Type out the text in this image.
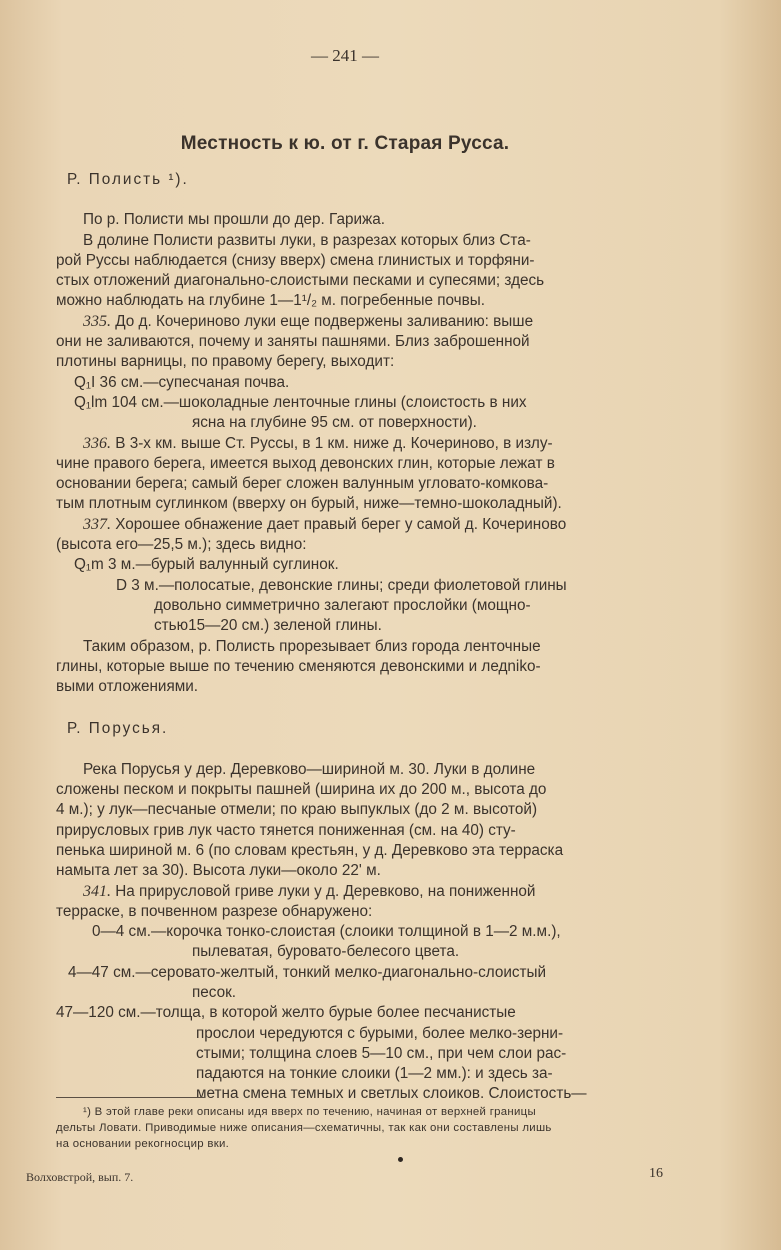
— 241 —
Местность к ю. от г. Старая Русса.

Р. Полисть ¹).

По р. Полисти мы прошли до дер. Гарижа.

В долине Полисти развиты луки, в разрезах которых близ Ста-

рой Руссы наблюдается (снизу вверх) смена глинистых и торфяни-

стых отложений диагонально-слоистыми песками и супесями; здесь

можно наблюдать на глубине 1—1¹/₂ м. погребенные почвы.

335. До д. Кочериново луки еще подвержены заливанию: выше

они не заливаются, почему и заняты пашнями. Близ заброшенной

плотины варницы, по правому берегу, выходит:

Q₁I 36 см.—супесчаная почва.

Q₁lm 104 см.—шоколадные ленточные глины (слоистость в них

ясна на глубине 95 см. от поверхности).

336. В 3-х км. выше Ст. Руссы, в 1 км. ниже д. Кочериново, в излу-

чине правого берега, имеется выход девонских глин, которые лежат в

основании берега; самый берег сложен валунным угловато-комкова-

тым плотным суглинком (вверху он бурый, ниже—темно-шоколадный).

337. Хорошее обнажение дает правый берег у самой д. Кочериново

(высота его—25,5 м.); здесь видно:

Q₁m 3 м.—бурый валунный суглинок.

D 3 м.—полосатые, девонские глины; среди фиолетовой глины

довольно симметрично залегают прослойки (мощно-

стью15—20 см.) зеленой глины.

Таким образом, р. Полисть прорезывает близ города ленточные

глины, которые выше по течению сменяются девонскими и ледniko-

выми отложениями.

Р. Порусья.

Река Порусья у дер. Деревково—шириной м. 30. Луки в долине

сложены песком и покрыты пашней (ширина их до 200 м., высота до

4 м.); у лук—песчаные отмели; по краю выпуклых (до 2 м. высотой)

прирусловых грив лук часто тянется пониженная (см. на 40) сту-

пенька шириной м. 6 (по словам крестьян, у д. Деревково эта терраска

намыта лет за 30). Высота луки—около 22' м.

341. На прирусловой гриве луки у д. Деревково, на пониженной

терраске, в почвенном разрезе обнаружено:

0—4 см.—корочка тонко-слоистая (слоики толщиной в 1—2 м.м.),

пылеватая, буровато-белесого цвета.

4—47 см.—серовато-желтый, тонкий мелко-диагонально-слоистый

песок.

47—120 см.—толща, в которой желто бурые более песчанистые

прослои чередуются с бурыми, более мелко-зерни-

стыми; толщина слоев 5—10 см., при чем слои рас-

падаются на тонкие слоики (1—2 мм.): и здесь за-

метна смена темных и светлых слоиков. Слоистость—

¹) В этой главе реки описаны идя вверх по течению, начиная от верхней границы

дельты Ловати. Приводимые ниже описания—схематичны, так как они составлены лишь

на основании рекогносцир вки.

Волховстрой, вып. 7.	16
